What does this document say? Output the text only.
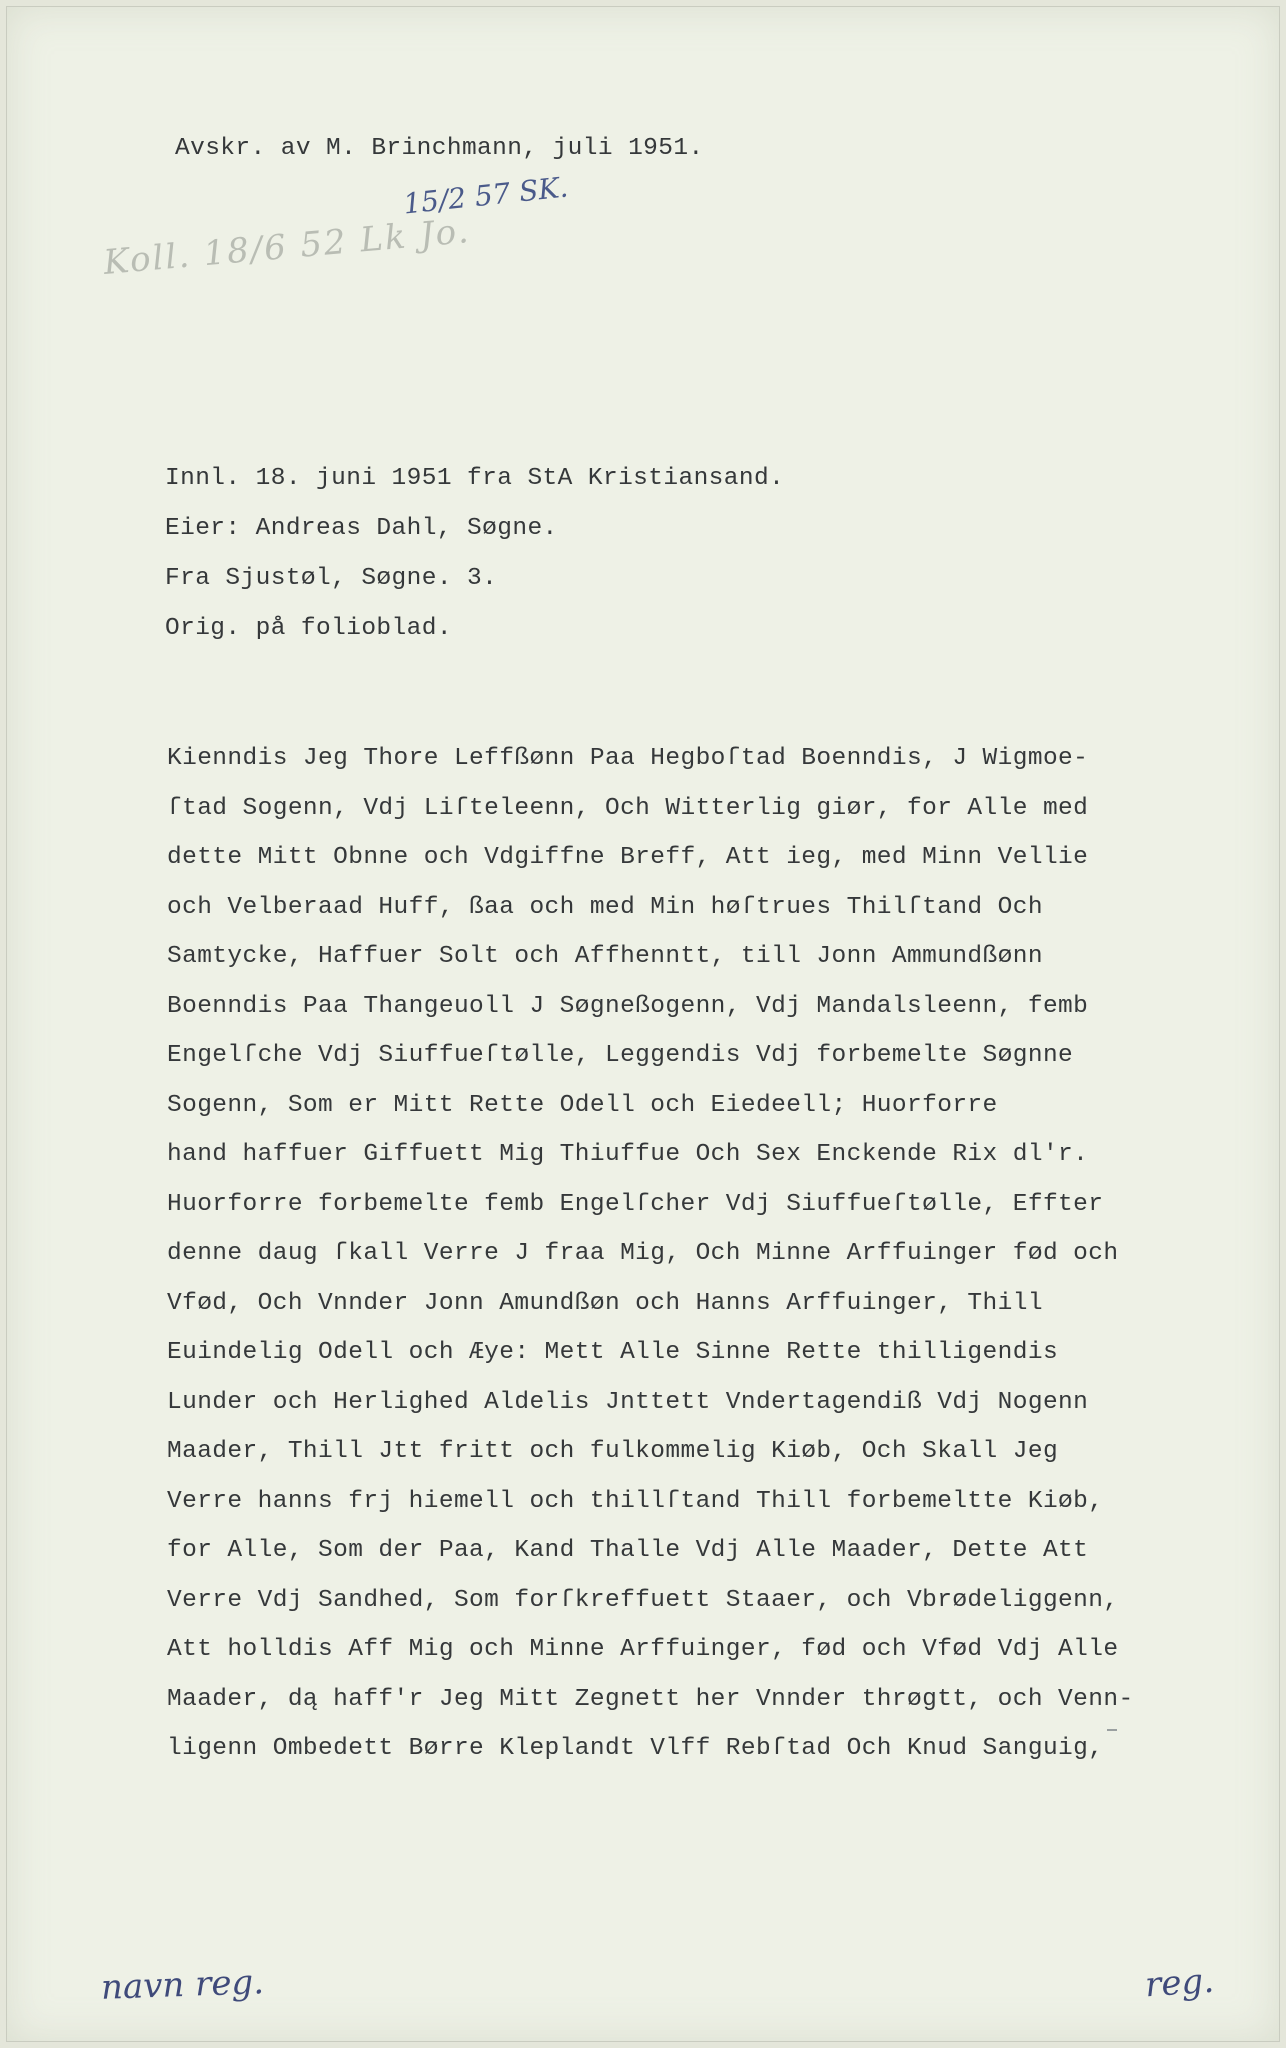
Avskr. av M. Brinchmann, juli 1951.
15/2 57 SK.
Koll. 18/6 52 Lk Jo.
Innl. 18. juni 1951 fra StA Kristiansand.
Eier: Andreas Dahl, Søgne.
Fra Sjustøl, Søgne. 3.
Orig. på folioblad.
Kienndis Jeg Thore Leffßønn Paa Hegboſtad Boenndis, J Wigmoe-
ſtad Sogenn, Vdj Liſteleenn, Och Witterlig giør, for Alle med
dette Mitt Obnne och Vdgiffne Breff, Att ieg, med Minn Vellie
och Velberaad Huff, ßaa och med Min høſtrues Thilſtand Och
Samtycke, Haffuer Solt och Affhenntt, till Jonn Ammundßønn
Boenndis Paa Thangeuoll J Søgneßogenn, Vdj Mandalsleenn, femb
Engelſche Vdj Siuffueſtølle, Leggendis Vdj forbemelte Søgnne
Sogenn, Som er Mitt Rette Odell och Eiedeell; Huorforre
hand haffuer Giffuett Mig Thiuffue Och Sex Enckende Rix dl'r.
Huorforre forbemelte femb Engelſcher Vdj Siuffueſtølle, Effter
denne daug ſkall Verre J fraa Mig, Och Minne Arffuinger fød och
Vfød, Och Vnnder Jonn Amundßøn och Hanns Arffuinger, Thill
Euindelig Odell och Æye: Mett Alle Sinne Rette thilligendis
Lunder och Herlighed Aldelis Jnttett Vndertagendiß Vdj Nogenn
Maader, Thill Jtt fritt och fulkommelig Kiøb, Och Skall Jeg
Verre hanns frj hiemell och thillſtand Thill forbemeltte Kiøb,
for Alle, Som der Paa, Kand Thalle Vdj Alle Maader, Dette Att
Verre Vdj Sandhed, Som forſkreffuett Staaer, och Vbrødeliggenn,
Att holldis Aff Mig och Minne Arffuinger, fød och Vfød Vdj Alle
Maader, dą haff'r Jeg Mitt Zegnett her Vnnder thrøgtt, och Venn-
ligenn Ombedett Børre Kleplandt Vlff Rebſtad Och Knud Sanguig,
navn reg.	reg.
